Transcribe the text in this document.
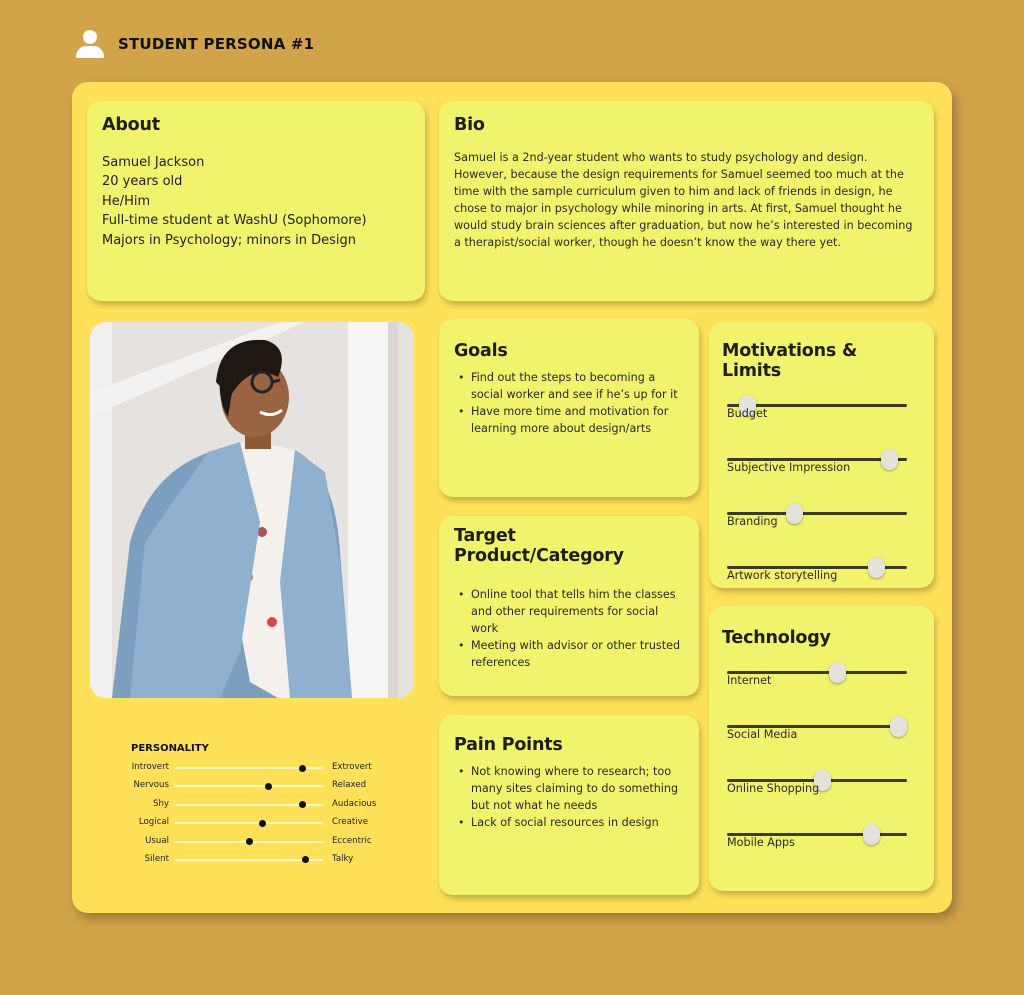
STUDENT PERSONA #1
About
Samuel Jackson
20 years old
He/Him
Full-time student at WashU (Sophomore)
Majors in Psychology; minors in Design
Bio

Samuel is a 2nd-year student who wants to study psychology and design. However, because the design requirements for Samuel seemed too much at the time with the sample curriculum given to him and lack of friends in design, he chose to major in psychology while minoring in arts. At first, Samuel thought he would study brain sciences after graduation, but now he’s interested in becoming a therapist/social worker, though he doesn’t know the way there yet.

Goals
• Find out the steps to becoming a social worker and see if he’s up for it
• Have more time and motivation for learning more about design/arts
Target Product/Category
• Online tool that tells him the classes and other requirements for social work
• Meeting with advisor or other trusted references
Pain Points
• Not knowing where to research; too many sites claiming to do something but not what he needs
• Lack of social resources in design
Motivations & Limits
Budget
Subjective Impression
Branding
Artwork storytelling
Technology
Internet
Social Media
Online Shopping
Mobile Apps
PERSONALITY
Introvert	Extrovert
Nervous	Relaxed
Shy	Audacious
Logical	Creative
Usual	Eccentric
Silent	Talky
